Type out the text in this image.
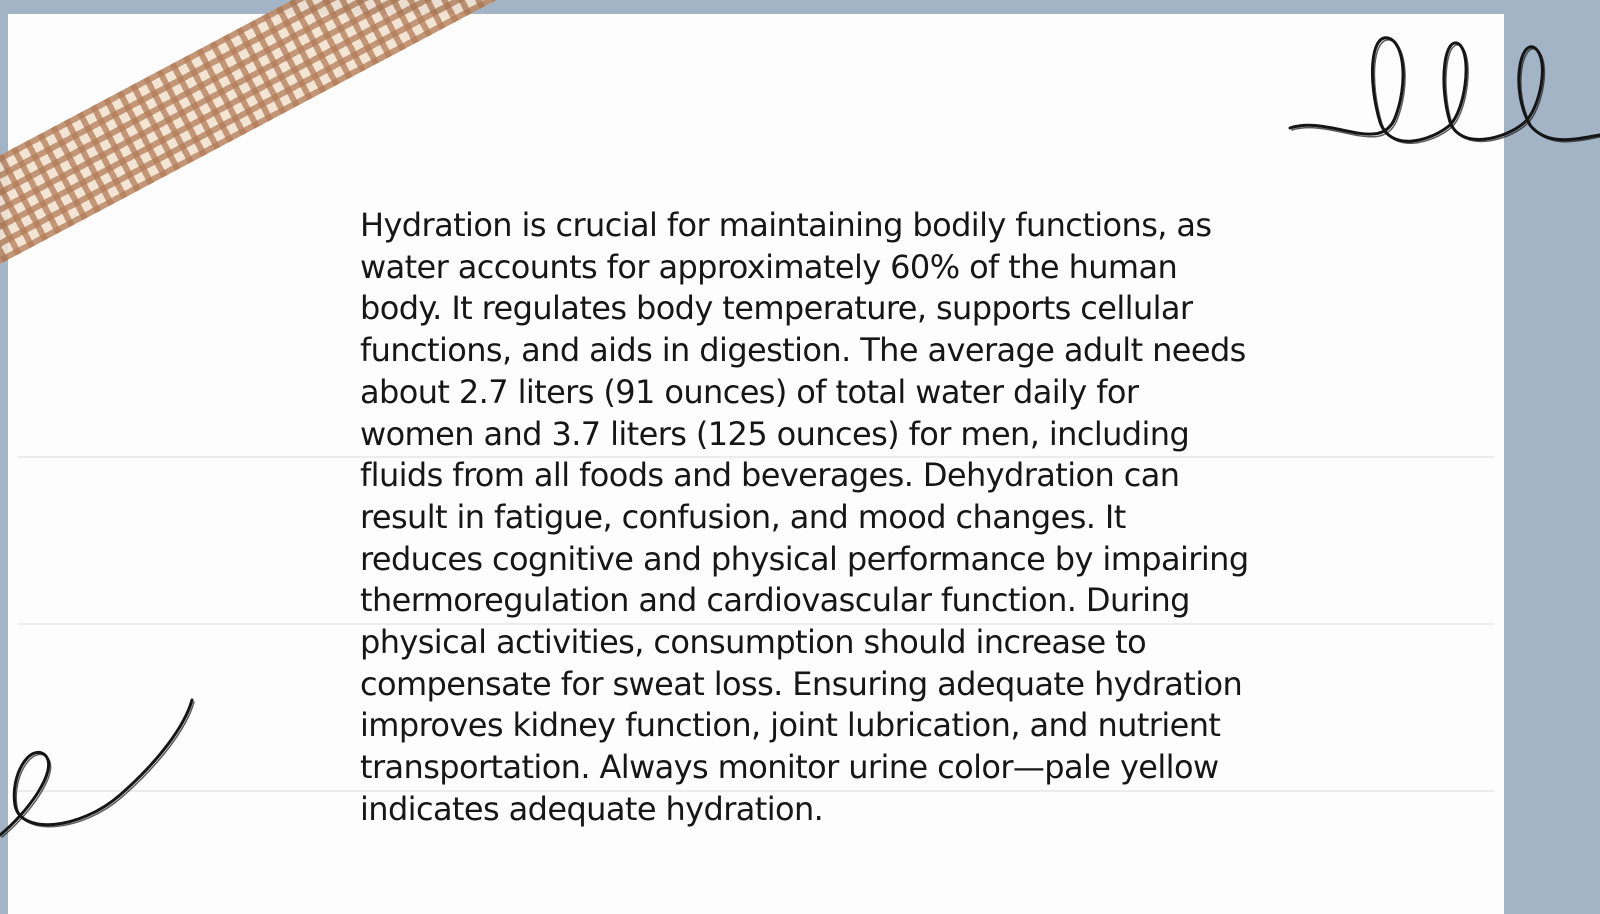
Hydration is crucial for maintaining bodily functions, as water accounts for approximately 60% of the human body. It regulates body temperature, supports cellular functions, and aids in digestion. The average adult needs about 2.7 liters (91 ounces) of total water daily for women and 3.7 liters (125 ounces) for men, including fluids from all foods and beverages. Dehydration can result in fatigue, confusion, and mood changes. It reduces cognitive and physical performance by impairing thermoregulation and cardiovascular function. During physical activities, consumption should increase to compensate for sweat loss. Ensuring adequate hydration improves kidney function, joint lubrication, and nutrient transportation. Always monitor urine color—pale yellow indicates adequate hydration.
